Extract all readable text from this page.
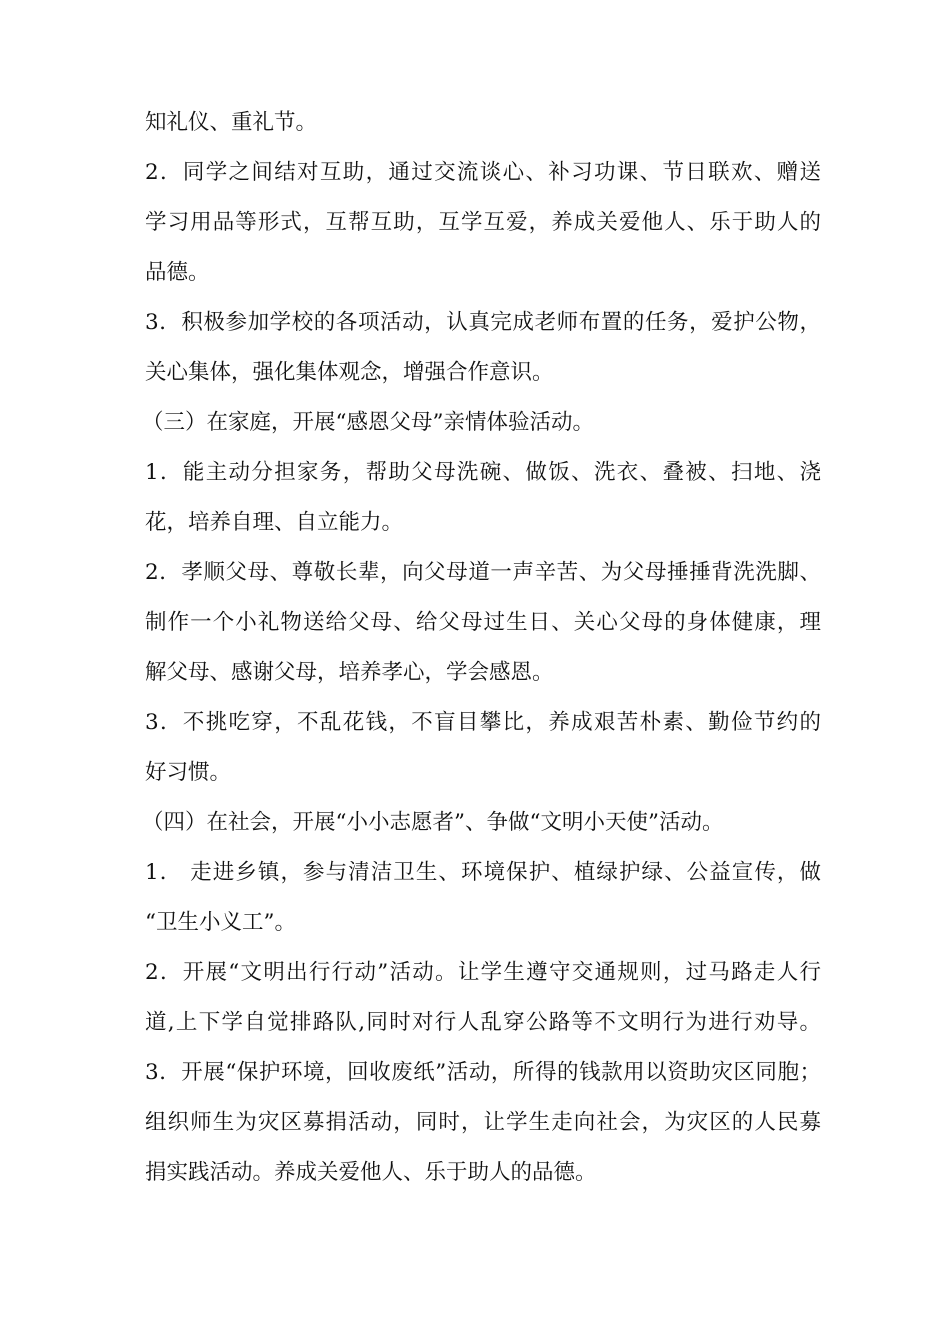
知礼仪、重礼节。
2．同学之间结对互助，通过交流谈心、补习功课、节日联欢、赠送
学习用品等形式，互帮互助，互学互爱，养成关爱他人、乐于助人的
品德。
3．积极参加学校的各项活动，认真完成老师布置的任务，爱护公物，
关心集体，强化集体观念，增强合作意识。
（三）在家庭，开展“感恩父母”亲情体验活动。
1．能主动分担家务，帮助父母洗碗、做饭、洗衣、叠被、扫地、浇
花，培养自理、自立能力。
2．孝顺父母、尊敬长辈，向父母道一声辛苦、为父母捶捶背洗洗脚、
制作一个小礼物送给父母、给父母过生日、关心父母的身体健康，理
解父母、感谢父母，培养孝心，学会感恩。
3．不挑吃穿，不乱花钱，不盲目攀比，养成艰苦朴素、勤俭节约的
好习惯。
（四）在社会，开展“小小志愿者”、争做“文明小天使”活动。
1． 走进乡镇，参与清洁卫生、环境保护、植绿护绿、公益宣传，做
“卫生小义工”。
2．开展“文明出行行动”活动。让学生遵守交通规则，过马路走人行
道,上下学自觉排路队,同时对行人乱穿公路等不文明行为进行劝导。
3．开展“保护环境，回收废纸”活动，所得的钱款用以资助灾区同胞；
组织师生为灾区募捐活动，同时，让学生走向社会，为灾区的人民募
捐实践活动。养成关爱他人、乐于助人的品德。
